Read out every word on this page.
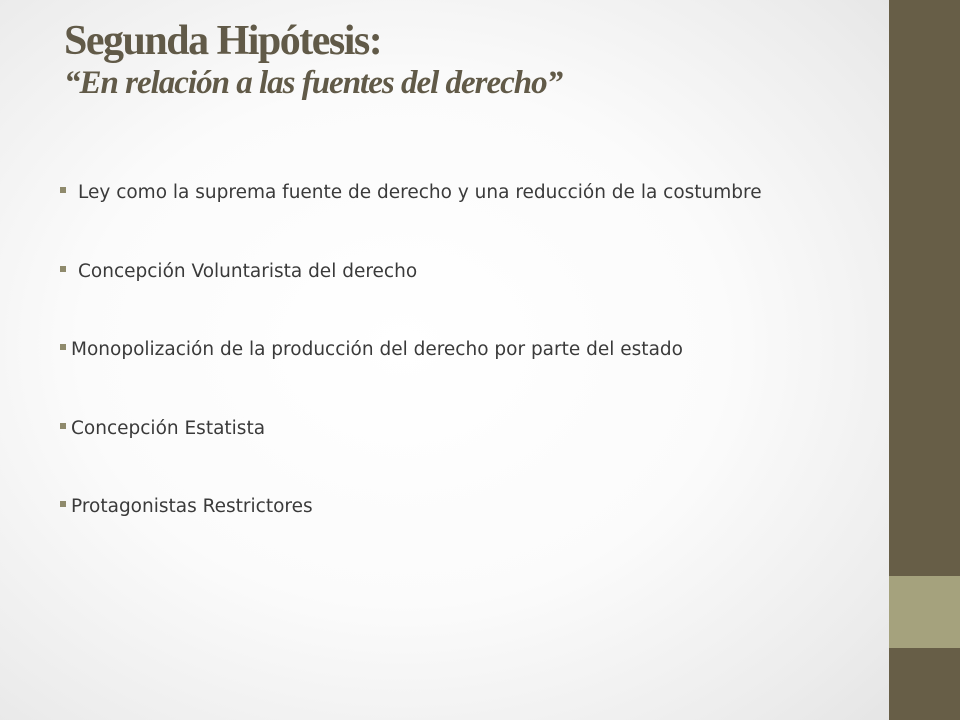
Segunda Hipótesis:
“En relación a las fuentes del derecho”
Ley como la suprema fuente de derecho y una reducción de la costumbre
Concepción Voluntarista del derecho
Monopolización de la producción del derecho por parte del estado
Concepción Estatista
Protagonistas Restrictores
